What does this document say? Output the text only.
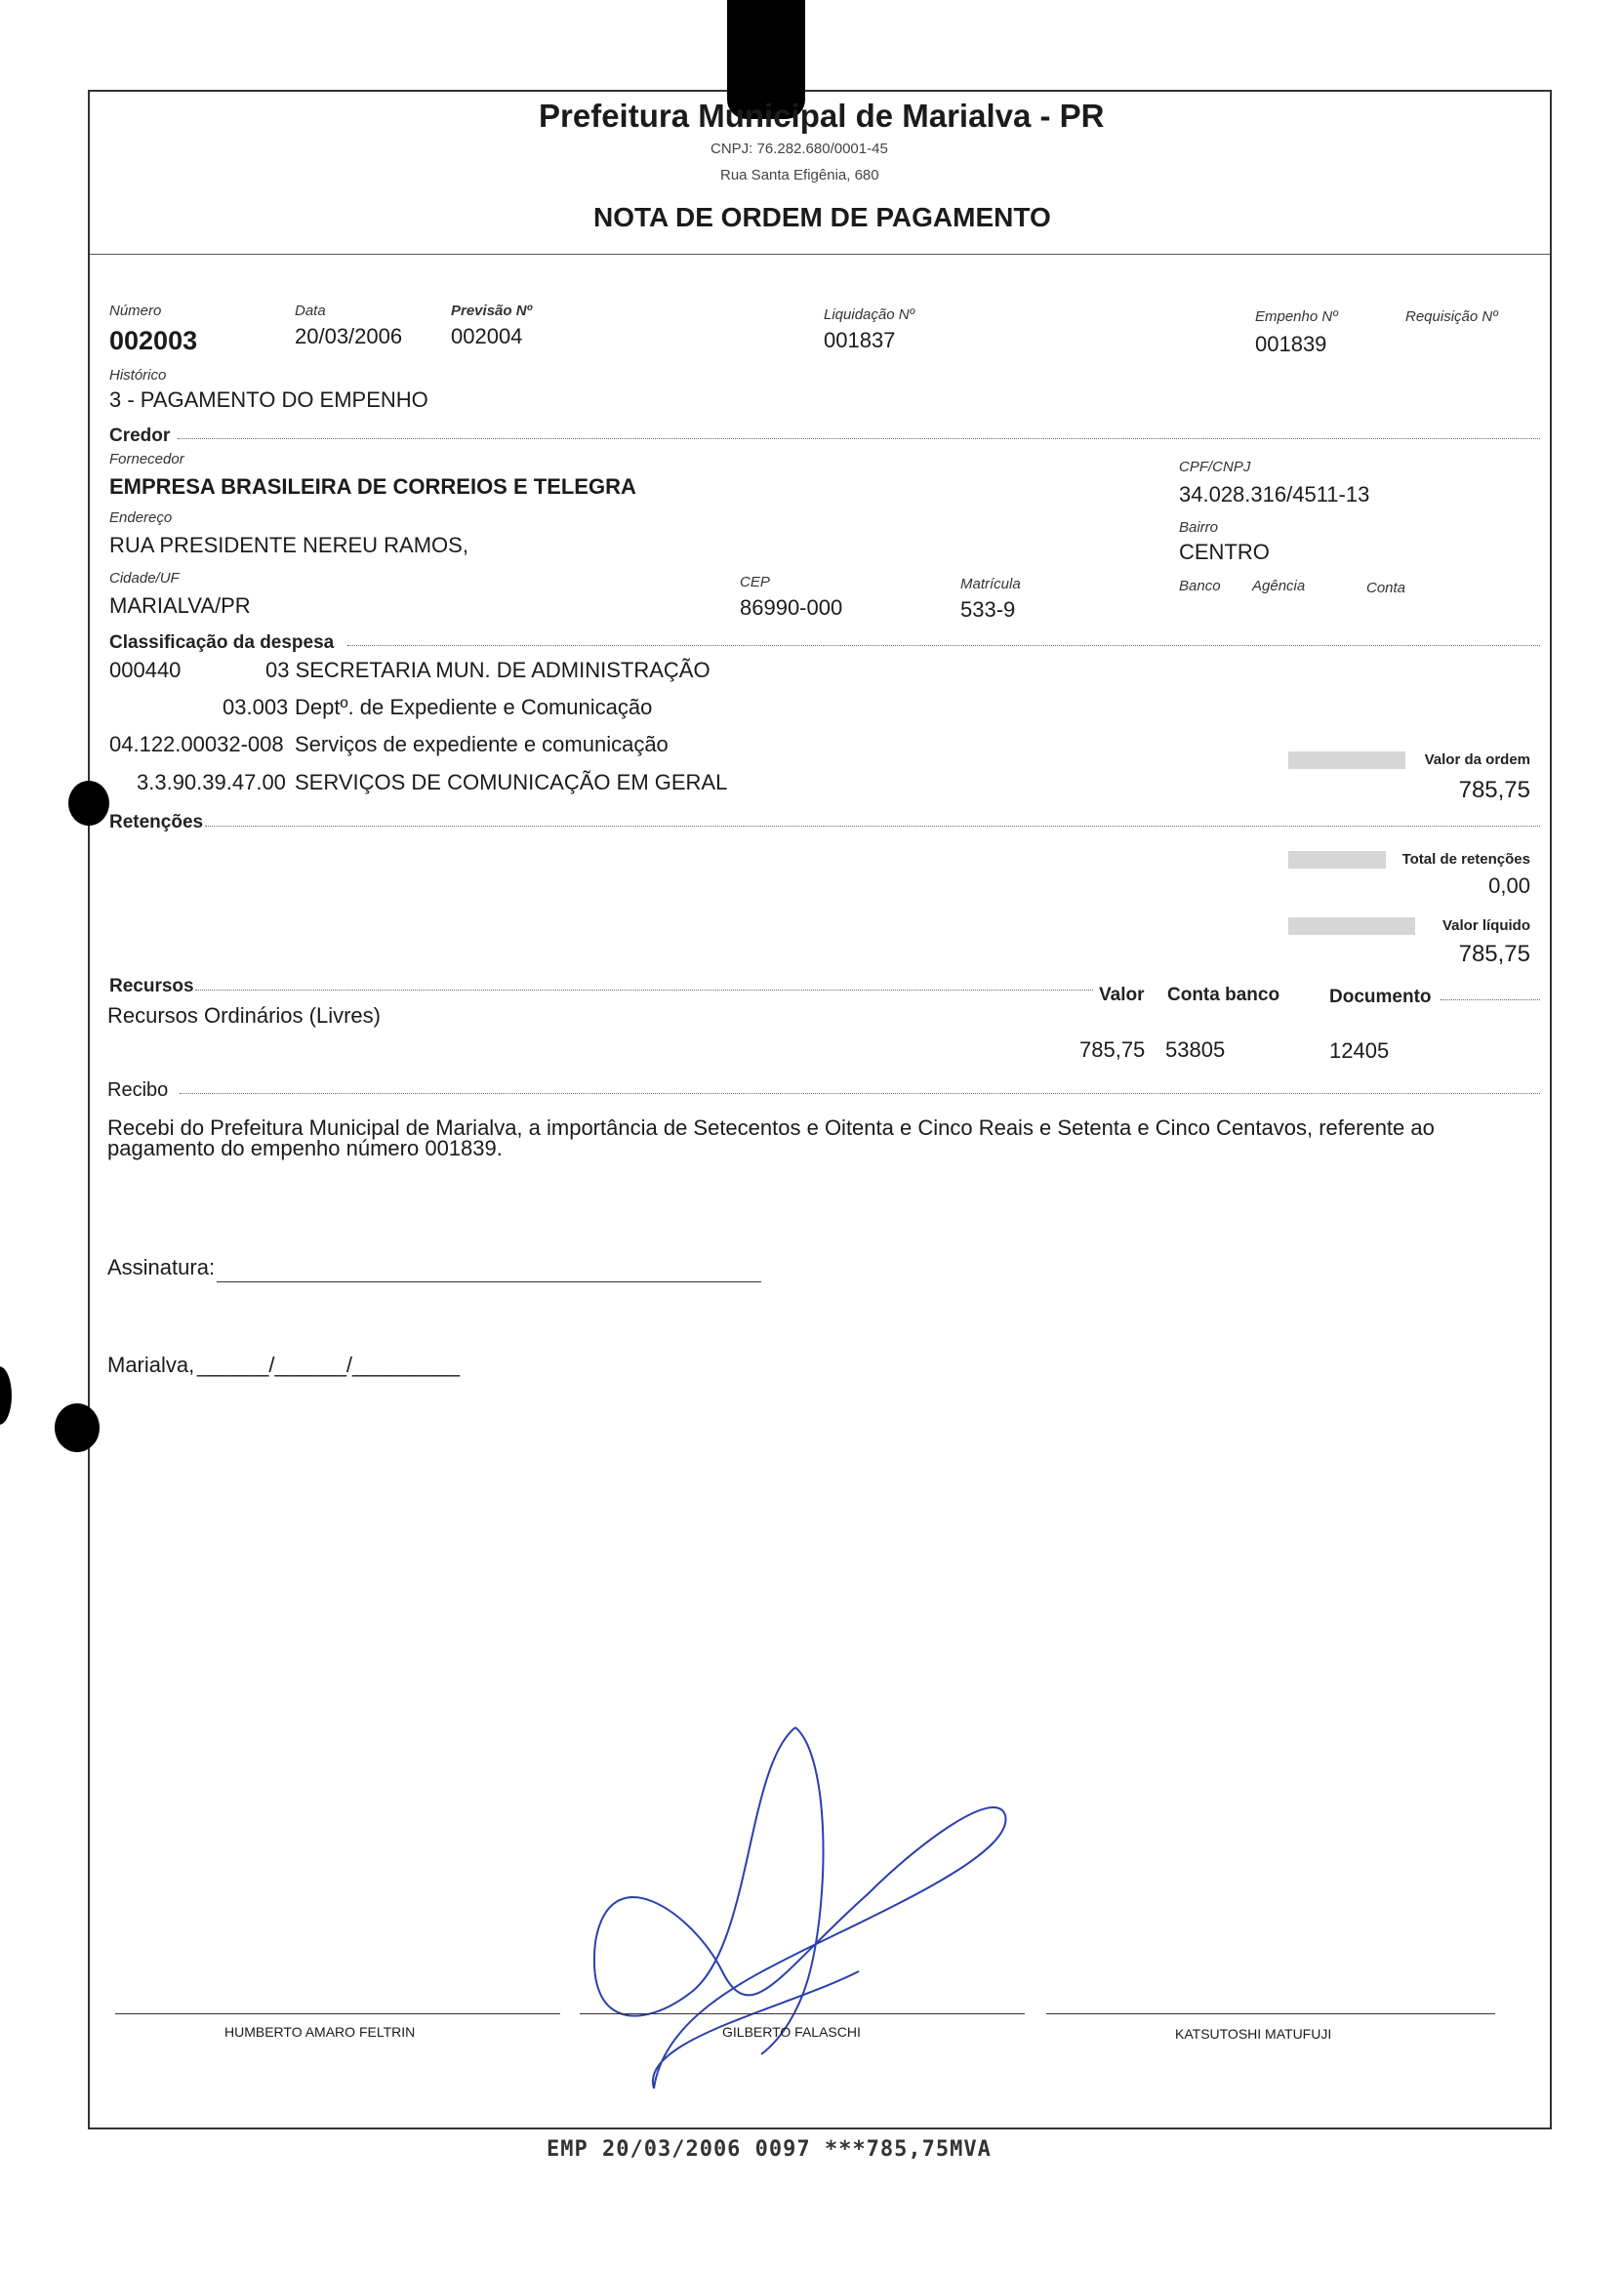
Prefeitura Municipal de Marialva - PR
CNPJ: 76.282.680/0001-45
Rua Santa Efigênia, 680
NOTA DE ORDEM DE PAGAMENTO
Número
002003
Data
20/03/2006
Previsão Nº
002004
Liquidação Nº
001837
Empenho Nº
001839
Requisição Nº
Histórico
3 - PAGAMENTO DO EMPENHO
Credor
Fornecedor
EMPRESA BRASILEIRA DE CORREIOS E TELEGRA
CPF/CNPJ
34.028.316/4511-13
Endereço
RUA PRESIDENTE NEREU RAMOS,
Bairro
CENTRO
Cidade/UF
MARIALVA/PR
CEP
86990-000
Matrícula
533-9
Banco Agência	Conta
Classificação da despesa
000440	03 SECRETARIA MUN. DE ADMINISTRAÇÃO
03.003 Deptº. de Expediente e Comunicação
04.122.00032-008 Serviços de expediente e comunicação
3.3.90.39.47.00 SERVIÇOS DE COMUNICAÇÃO EM GERAL
Valor da ordem
785,75
Retenções
Total de retenções
0,00
Valor líquido
785,75
Recursos	Valor Conta banco	Documento
Recursos Ordinários (Livres)
785,75 53805	12405
Recibo
Recebi do Prefeitura Municipal de Marialva, a importância de Setecentos e Oitenta e Cinco Reais e Setenta e Cinco Centavos, referente ao
pagamento do empenho número 001839.
Assinatura:
Marialva, ______/______/_________
HUMBERTO AMARO FELTRIN	GILBERTO FALASCHI	KATSUTOSHI MATUFUJI
EMP 20/03/2006 0097 ***785,75MVA
